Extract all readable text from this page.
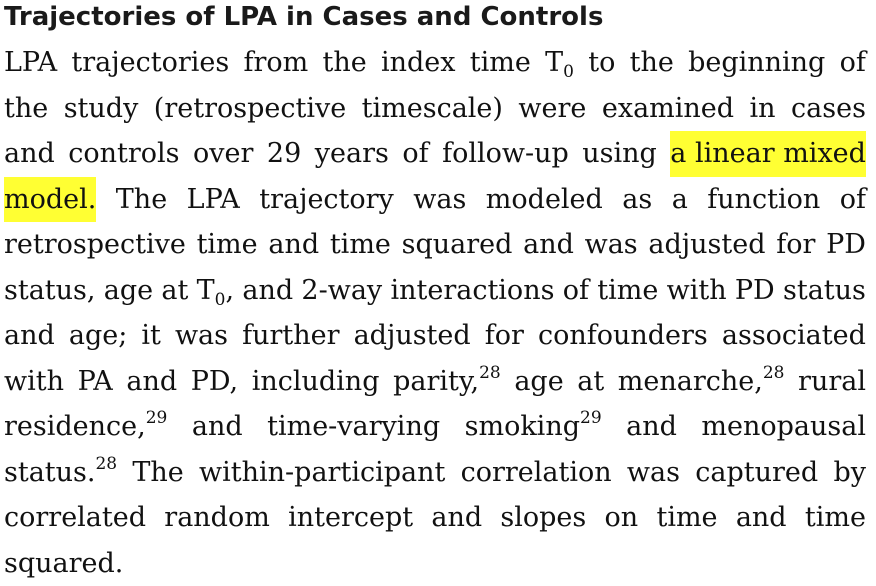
Trajectories of LPA in Cases and Controls
LPA trajectories from the index time $T_0$ to the beginning of
the study (retrospective timescale) were examined in cases
and controls over 29 years of follow-up using a linear mixed
model. The LPA trajectory was modeled as a function of
retrospective time and time squared and was adjusted for PD
status, age at $T_0$, and 2-way interactions of time with PD status
and age; it was further adjusted for confounders associated
with PA and PD, including parity,$^{28}$ age at menarche,$^{28}$ rural
residence,$^{29}$ and time-varying smoking$^{29}$ and menopausal
status.$^{28}$ The within-participant correlation was captured by
correlated random intercept and slopes on time and time
squared.
